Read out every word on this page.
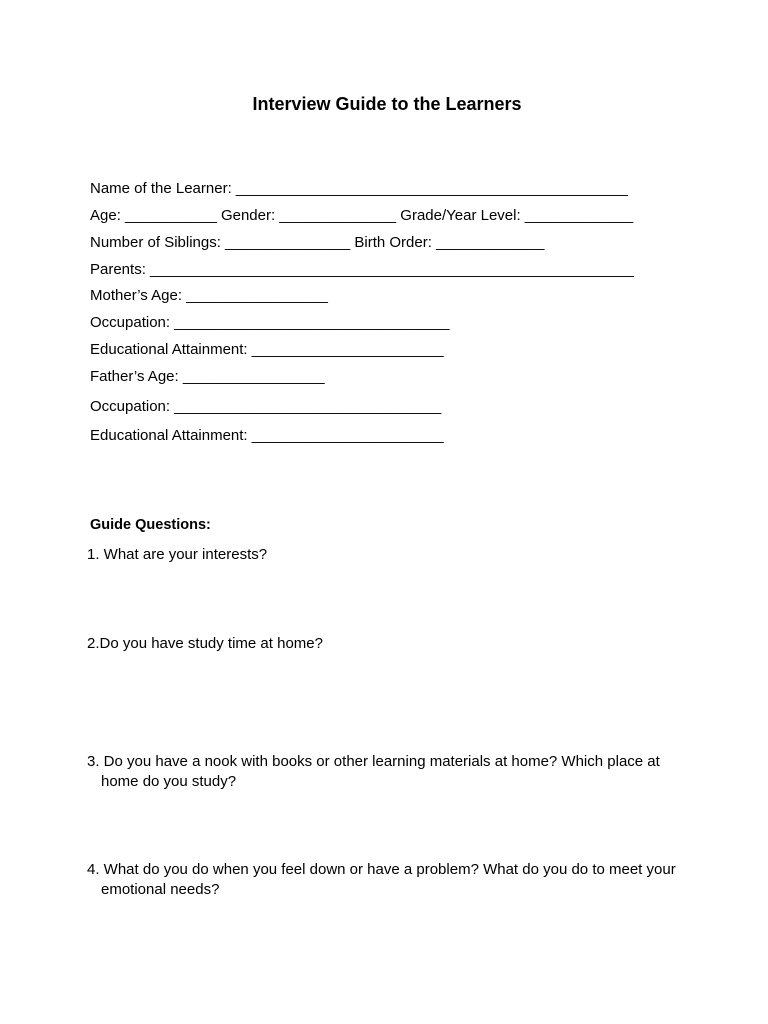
Interview Guide to the Learners
Name of the Learner: _______________________________________________
Age: ___________ Gender: ______________ Grade/Year Level: _____________
Number of Siblings: _______________ Birth Order: _____________
Parents: __________________________________________________________
Mother’s Age: _________________
Occupation: _________________________________
Educational Attainment: _______________________
Father’s Age: _________________
Occupation: ________________________________
Educational Attainment: _______________________
Guide Questions:
1. What are your interests?
2.Do you have study time at home?
3. Do you have a nook with books or other learning materials at home? Which place at home do you study?
4. What do you do when you feel down or have a problem? What do you do to meet your emotional needs?
